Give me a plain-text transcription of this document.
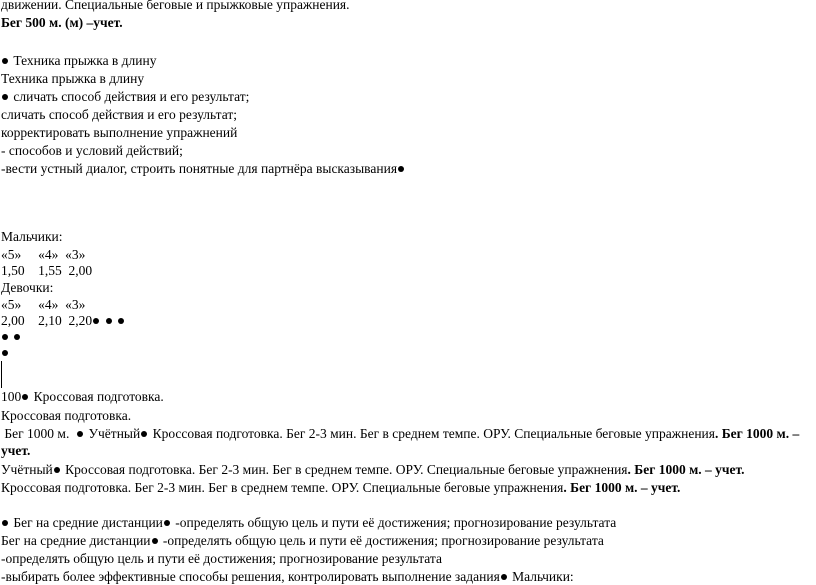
движении. Специальные беговые и прыжковые упражнения.
Бег 500 м. (м) –учет.
Техника прыжка в длину
Техника прыжка в длину
сличать способ действия и его результат;
сличать способ действия и его результат;
корректировать выполнение упражнений
- способов и условий действий;
-вести устный диалог, строить понятные для партнёра высказывания
Мальчики:
«5»     «4»  «3»
1,50    1,55  2,00
Девочки:
«5»     «4»  «3»
2,00    2,10  2,20

100 Кроссовая подготовка.
Кроссовая подготовка.
Бег 1000 м.   Учётный Кроссовая подготовка. Бег 2-3 мин. Бег в среднем темпе. ОРУ. Специальные беговые упражнения. Бег 1000 м. – учет.
Учётный Кроссовая подготовка. Бег 2-3 мин. Бег в среднем темпе. ОРУ. Специальные беговые упражнения. Бег 1000 м. – учет.
Кроссовая подготовка. Бег 2-3 мин. Бег в среднем темпе. ОРУ. Специальные беговые упражнения. Бег 1000 м. – учет.
Бег на средние дистанции -определять общую цель и пути её достижения; прогнозирование результата
Бег на средние дистанции -определять общую цель и пути её достижения; прогнозирование результата
-определять общую цель и пути её достижения; прогнозирование результата
-выбирать более эффективные способы решения, контролировать выполнение задания Мальчики:
